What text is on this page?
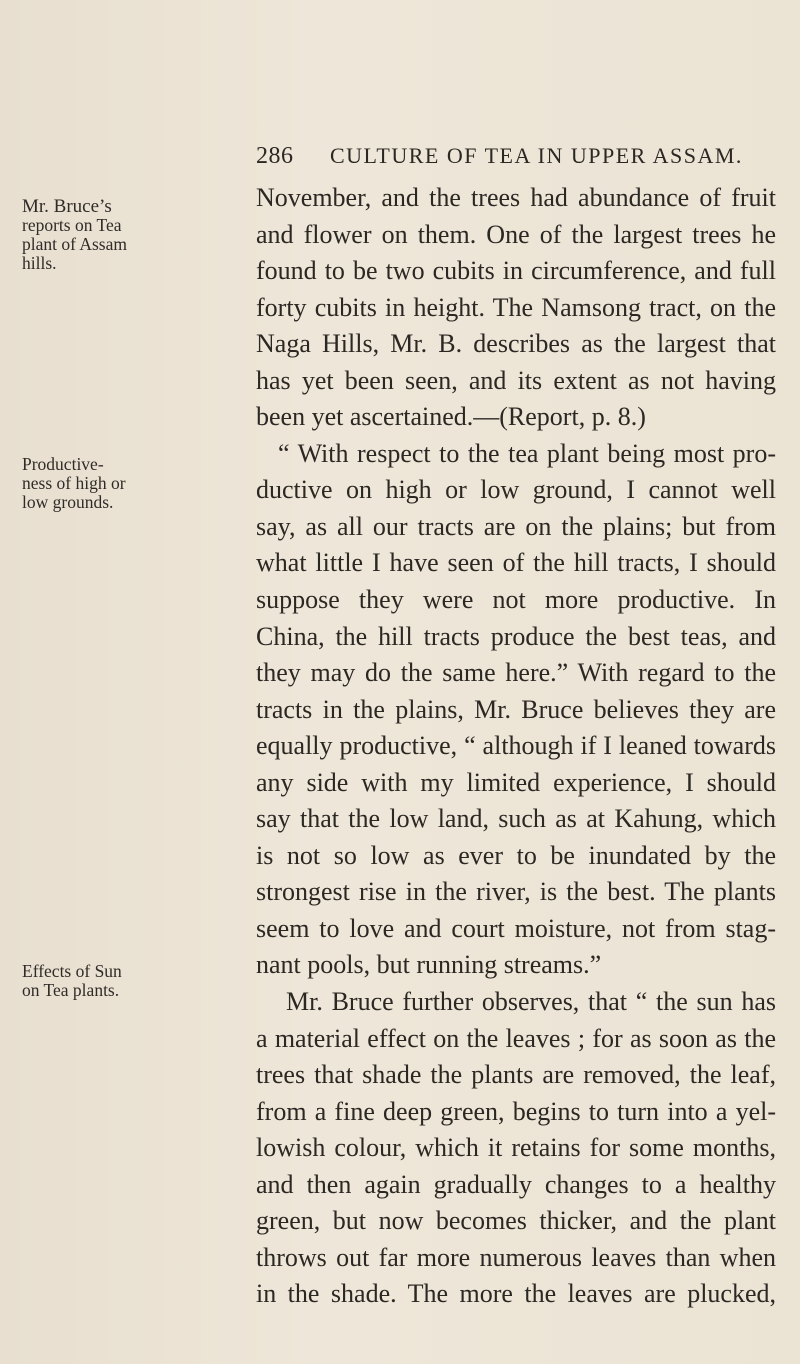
286 CULTURE OF TEA IN UPPER ASSAM.
Mr. Bruce’s
reports on Tea
plant of Assam
hills.
Productive-
ness of high or
low grounds.
Effects of Sun
on Tea plants.
November, and the trees had abundance of fruit
and flower on them. One of the largest trees he
found to be two cubits in circumference, and full
forty cubits in height. The Namsong tract, on the
Naga Hills, Mr. B. describes as the largest that
has yet been seen, and its extent as not having
been yet ascertained.—(Report, p. 8.)
“ With respect to the tea plant being most pro-
ductive on high or low ground, I cannot well
say, as all our tracts are on the plains; but from
what little I have seen of the hill tracts, I should
suppose they were not more productive. In
China, the hill tracts produce the best teas, and
they may do the same here.” With regard to the
tracts in the plains, Mr. Bruce believes they are
equally productive, “ although if I leaned towards
any side with my limited experience, I should
say that the low land, such as at Kahung, which
is not so low as ever to be inundated by the
strongest rise in the river, is the best. The plants
seem to love and court moisture, not from stag-
nant pools, but running streams.”
Mr. Bruce further observes, that “ the sun has
a material effect on the leaves ; for as soon as the
trees that shade the plants are removed, the leaf,
from a fine deep green, begins to turn into a yel-
lowish colour, which it retains for some months,
and then again gradually changes to a healthy
green, but now becomes thicker, and the plant
throws out far more numerous leaves than when
in the shade. The more the leaves are plucked,
